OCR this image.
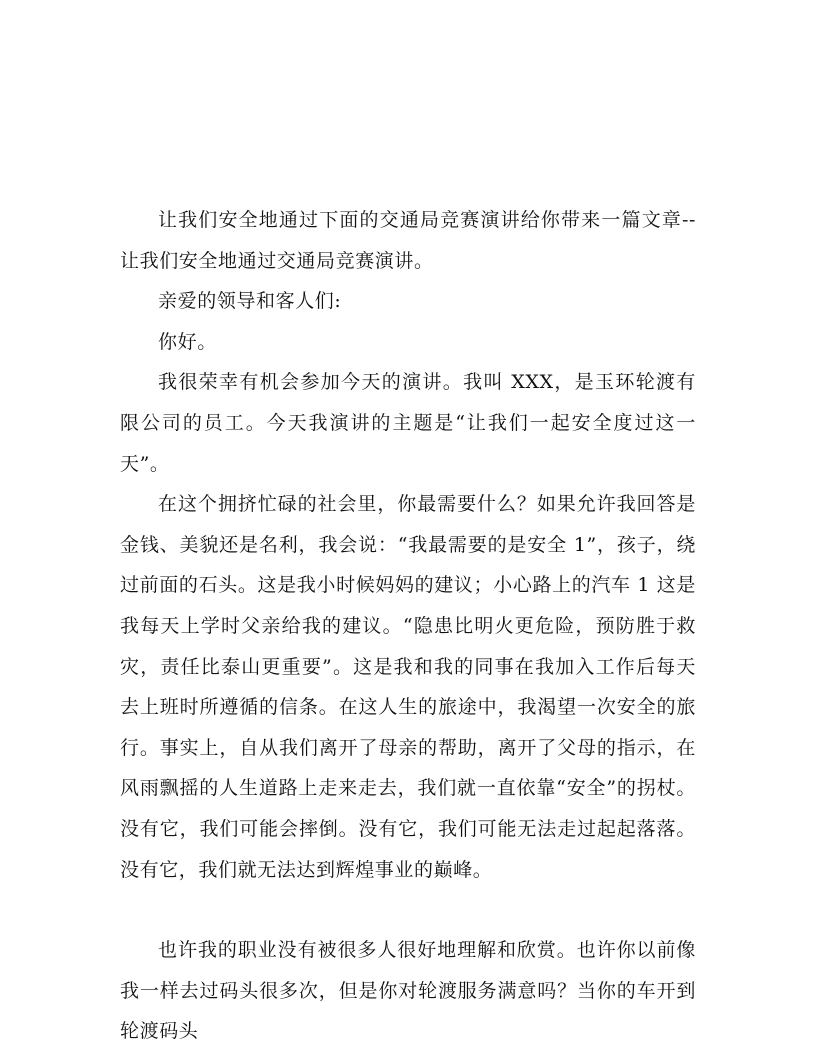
让我们安全地通过下面的交通局竞赛演讲给你带来一篇文章--让我们安全地通过交通局竞赛演讲。

亲爱的领导和客人们:

你好。

我很荣幸有机会参加今天的演讲。我叫 XXX，是玉环轮渡有限公司的员工。今天我演讲的主题是“让我们一起安全度过这一天”。

在这个拥挤忙碌的社会里，你最需要什么？如果允许我回答是金钱、美貌还是名利，我会说：“我最需要的是安全 1”，孩子，绕过前面的石头。这是我小时候妈妈的建议；小心路上的汽车 1 这是我每天上学时父亲给我的建议。“隐患比明火更危险，预防胜于救灾，责任比泰山更重要”。这是我和我的同事在我加入工作后每天去上班时所遵循的信条。在这人生的旅途中，我渴望一次安全的旅行。事实上，自从我们离开了母亲的帮助，离开了父母的指示，在风雨飘摇的人生道路上走来走去，我们就一直依靠“安全”的拐杖。没有它，我们可能会摔倒。没有它，我们可能无法走过起起落落。没有它，我们就无法达到辉煌事业的巅峰。

也许我的职业没有被很多人很好地理解和欣赏。也许你以前像我一样去过码头很多次，但是你对轮渡服务满意吗？当你的车开到轮渡码头
